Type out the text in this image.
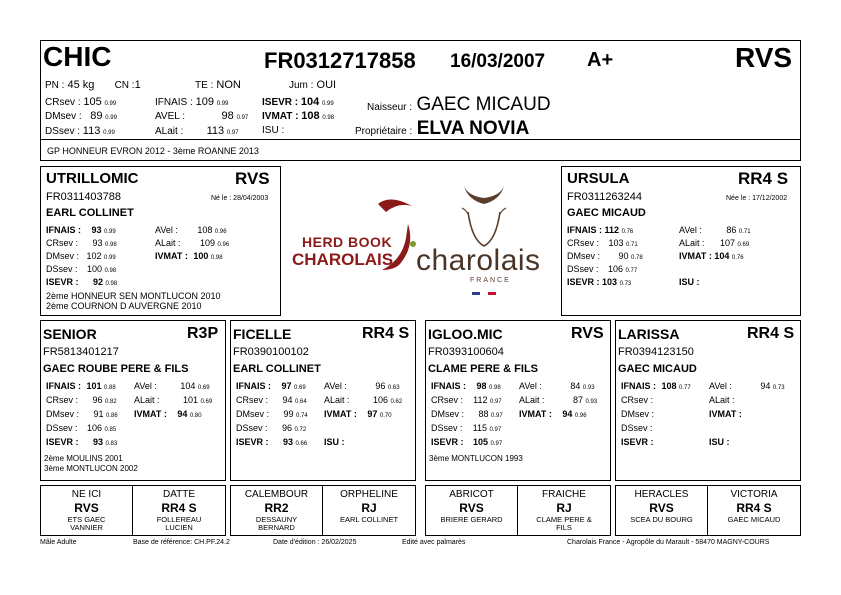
CHIC	FR0312717858 16/03/2007 A+	RVS
PN : 45 kg CN :1	TE : NON	Jum : OUI
CRsev : 105 0.99
DMsev : 89 0.99
DSsev : 113 0.99
IFNAIS : 109 0.99
AVEL :	98 0.97
ALait : 113 0.97
ISEVR : 104 0.99
IVMAT : 108 0.98
ISU :
Naisseur : GAEC MICAUD
Propriétaire : ELVA NOVIA
GP HONNEUR EVRON 2012 - 3ème ROANNE 2013
UTRILLOMIC	RVS
FR0311403788	Né le : 28/04/2003
EARL COLLINET
IFNAIS : 93 0.99
CRsev : 93 0.98
DMsev : 102 0.99
DSsev : 100 0.98
ISEVR : 92 0.98
AVel : 108 0.96
ALait : 109 0.96
IVMAT : 100 0.98
2ème HONNEUR SEN MONTLUCON 2010
2ème COURNON D AUVERGNE 2010
HERD BOOK
CHAROLAIS charolais
FRANCE
URSULA	RR4 S
FR0311263244	Née le : 17/12/2002
GAEC MICAUD
IFNAIS : 112 0.76
CRsev : 103 0.71
DMsev : 90 0.78
DSsev : 106 0.77
ISEVR : 103 0.73
AVel :	86 0.71
ALait : 107 0.69
IVMAT : 104 0.76
ISU :
SENIOR	R3P
FR5813401217
GAEC ROUBE PERE & FILS
IFNAIS : 101 0.88
CRsev : 96 0.82
DMsev : 91 0.86
DSsev : 106 0.85
ISEVR : 93 0.83
AVel :	104 0.69
ALait :	101 0.69
IVMAT : 94 0.80
2ème MOULINS 2001
3ème MONTLUCON 2002
FICELLE	RR4 S
FR0390100102
EARL COLLINET
IFNAIS : 97 0.69
CRsev : 94 0.64
DMsev : 99 0.74
DSsev : 96 0.72
ISEVR : 93 0.66
AVel :	96 0.63
ALait :	106 0.62
IVMAT : 97 0.70
ISU :
IGLOO.MIC	RVS
FR0393100604
CLAME PERE & FILS
IFNAIS : 98 0.98
CRsev : 112 0.97
DMsev : 88 0.97
DSsev : 115 0.97
ISEVR : 105 0.97
AVel :	84 0.93
ALait :	87 0.93
IVMAT : 94 0.96
3ème MONTLUCON 1993
LARISSA	RR4 S
FR0394123150
GAEC MICAUD
IFNAIS : 108 0.77
CRsev :
DMsev :
DSsev :
ISEVR :
AVel :	94 0.73
ALait :
IVMAT :
ISU :
NE ICI
RVS
ETS GAEC VANNIER
DATTE
RR4 S
FOLLEREAU LUCIEN
CALEMBOUR
RR2
DESSAUNY BERNARD
ORPHELINE
RJ
EARL COLLINET
ABRICOT
RVS
BRIERE GERARD
FRAICHE
RJ
CLAME PERE & FILS
HERACLES
RVS
SCEA DU BOURG
VICTORIA
RR4 S
GAEC MICAUD
Mâle Adulte	Base de référence: CH.PF.24.2	Date d'édition : 26/02/2025	Edité avec palmarès	Charolais France - Agropôle du Marault - 58470 MAGNY-COURS
